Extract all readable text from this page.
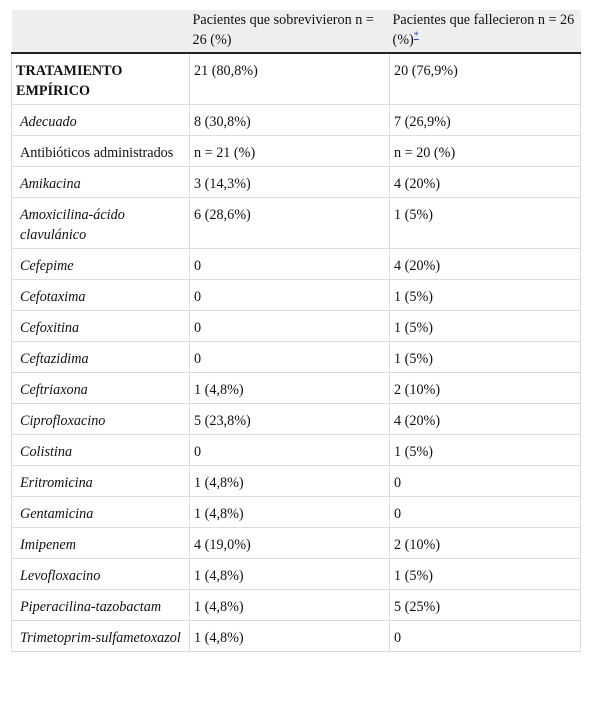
	Pacientes que sobrevivieron n = 26 (%)	Pacientes que fallecieron n = 26 (%)*
TRATAMIENTO EMPÍRICO	21 (80,8%)	20 (76,9%)
Adecuado	8 (30,8%)	7 (26,9%)
Antibióticos administrados	n = 21 (%)	n = 20 (%)
Amikacina	3 (14,3%)	4 (20%)
Amoxicilina-ácido clavulánico	6 (28,6%)	1 (5%)
Cefepime	0	4 (20%)
Cefotaxima	0	1 (5%)
Cefoxitina	0	1 (5%)
Ceftazidima	0	1 (5%)
Ceftriaxona	1 (4,8%)	2 (10%)
Ciprofloxacino	5 (23,8%)	4 (20%)
Colistina	0	1 (5%)
Eritromicina	1 (4,8%)	0
Gentamicina	1 (4,8%)	0
Imipenem	4 (19,0%)	2 (10%)
Levofloxacino	1 (4,8%)	1 (5%)
Piperacilina-tazobactam	1 (4,8%)	5 (25%)
Trimetoprim-sulfametoxazol	1 (4,8%)	0
